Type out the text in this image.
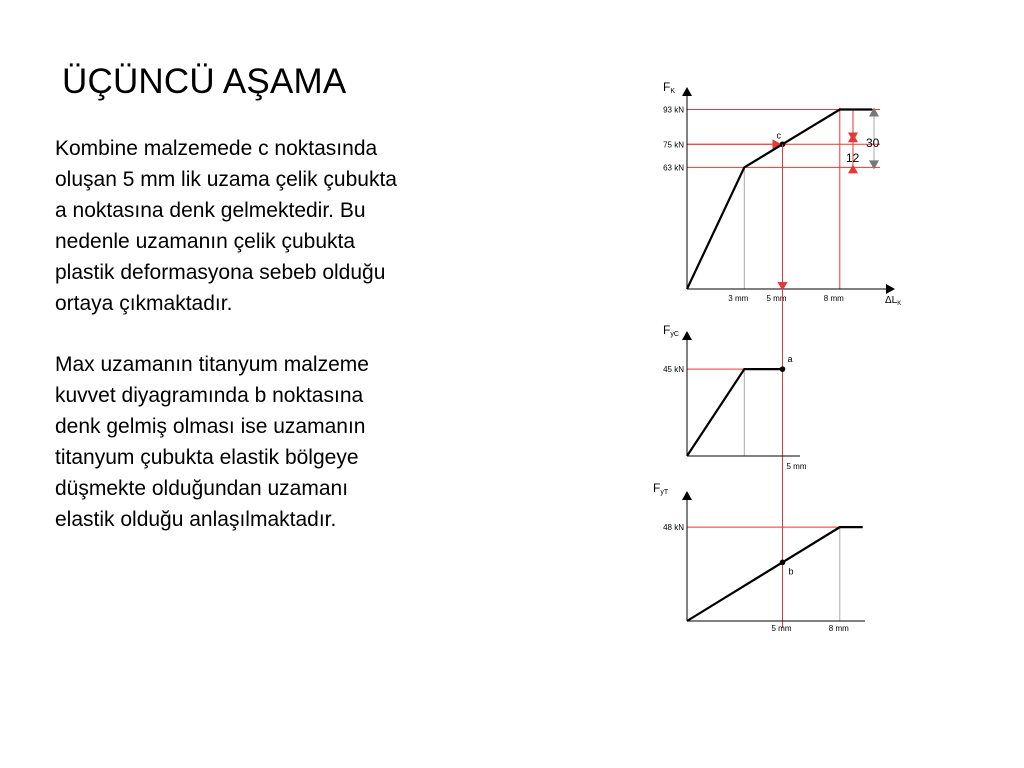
ÜÇÜNCÜ AŞAMA

Kombine malzemede c noktasında
oluşan 5 mm lik uzama çelik çubukta
a noktasına denk gelmektedir. Bu
nedenle uzamanın çelik çubukta
plastik deformasyona sebeb olduğu
ortaya çıkmaktadır.

Max uzamanın titanyum malzeme
kuvvet diyagramında b noktasına
denk gelmiş olması ise uzamanın
titanyum çubukta elastik bölgeye
düşmekte olduğundan uzamanı
elastik olduğu anlaşılmaktadır.

FK
$\Delta L_K$
63 kN
75 kN
93 kN
3 mm 5 mm	8 mm
c
30
12
FyC
45 kN
5 mm
a
FyT
48 kN
5 mm	8 mm
b
